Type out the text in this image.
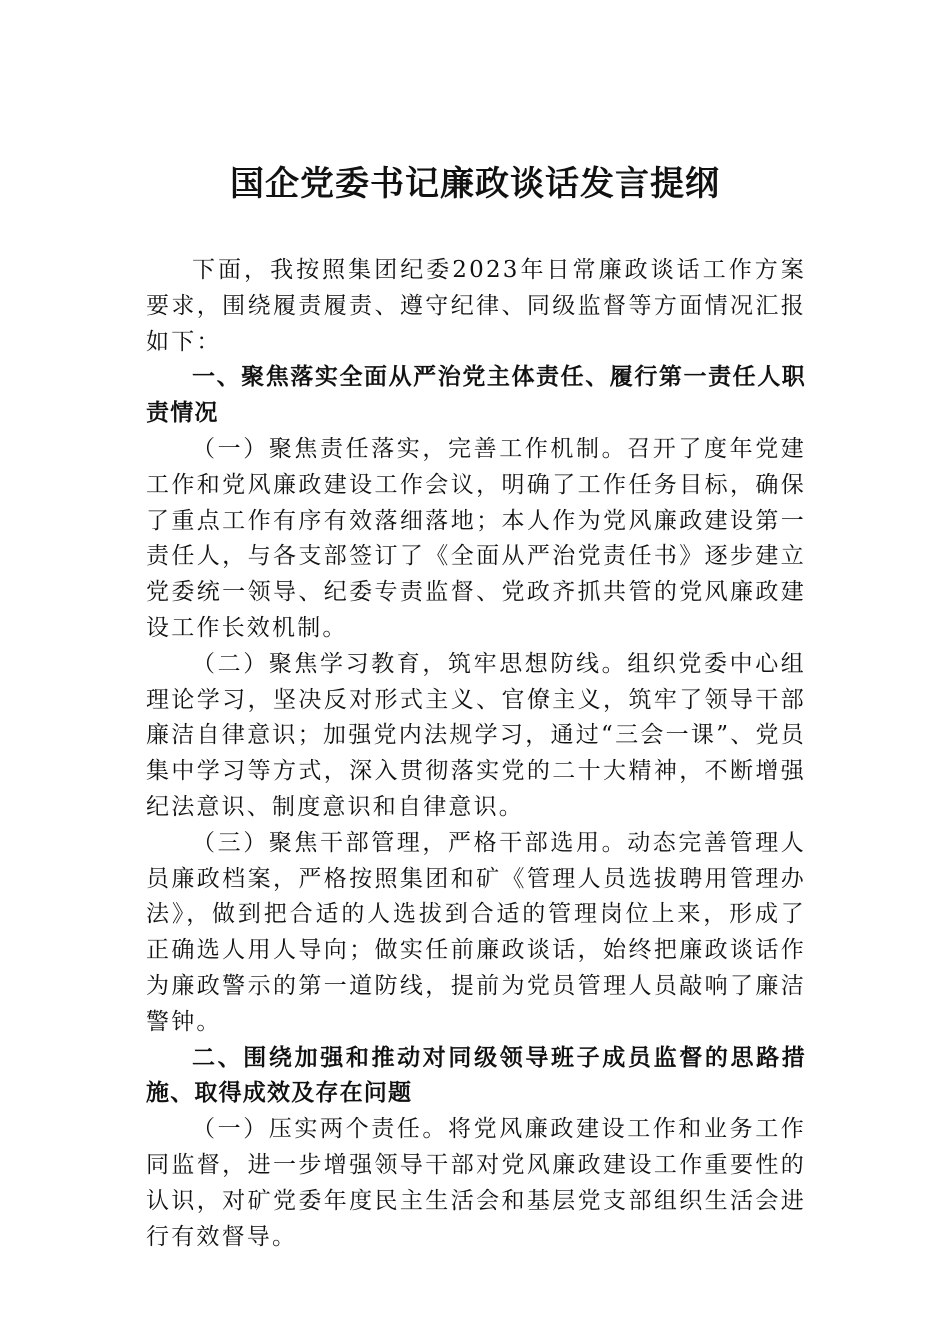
国企党委书记廉政谈话发言提纲

下面，我按照集团纪委2023年日常廉政谈话工作方案要求，围绕履责履责、遵守纪律、同级监督等方面情况汇报如下：

一、聚焦落实全面从严治党主体责任、履行第一责任人职责情况

（一）聚焦责任落实，完善工作机制。召开了度年党建工作和党风廉政建设工作会议，明确了工作任务目标，确保了重点工作有序有效落细落地；本人作为党风廉政建设第一责任人，与各支部签订了《全面从严治党责任书》逐步建立党委统一领导、纪委专责监督、党政齐抓共管的党风廉政建设工作长效机制。

（二）聚焦学习教育，筑牢思想防线。组织党委中心组理论学习，坚决反对形式主义、官僚主义，筑牢了领导干部廉洁自律意识；加强党内法规学习，通过“三会一课”、党员集中学习等方式，深入贯彻落实党的二十大精神，不断增强纪法意识、制度意识和自律意识。

（三）聚焦干部管理，严格干部选用。动态完善管理人员廉政档案，严格按照集团和矿《管理人员选拔聘用管理办法》，做到把合适的人选拔到合适的管理岗位上来，形成了正确选人用人导向；做实任前廉政谈话，始终把廉政谈话作为廉政警示的第一道防线，提前为党员管理人员敲响了廉洁警钟。

二、围绕加强和推动对同级领导班子成员监督的思路措施、取得成效及存在问题

（一）压实两个责任。将党风廉政建设工作和业务工作同监督，进一步增强领导干部对党风廉政建设工作重要性的认识，对矿党委年度民主生活会和基层党支部组织生活会进行有效督导。
